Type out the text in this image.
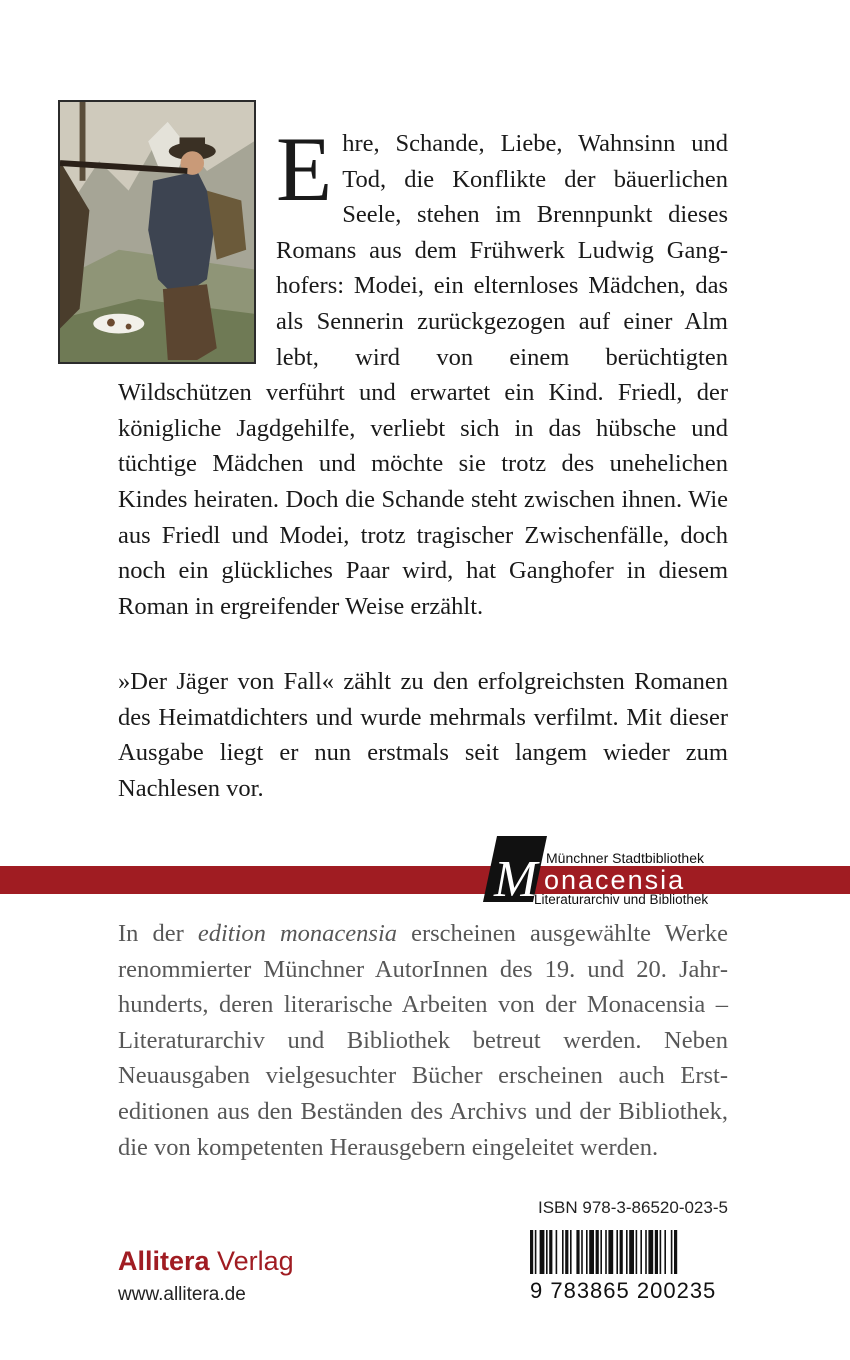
E hre, Schande, Liebe, Wahnsinn und Tod, die Konflikte der bäuerlichen Seele, stehen im Brennpunkt dieses Romans aus dem Frühwerk Ludwig Ganghofers: Modei, ein elternloses Mädchen, das als Sennerin zurückgezogen auf einer Alm lebt, wird von einem berüchtigten Wildschützen verführt und erwartet ein Kind. Friedl, der königliche Jagdgehilfe, verliebt sich in das hübsche und tüchtige Mädchen und möchte sie trotz des unehelichen Kindes heiraten. Doch die Schande steht zwischen ihnen. Wie aus Friedl und Modei, trotz tragischer Zwischenfälle, doch noch ein glückliches Paar wird, hat Ganghofer in diesem Roman in ergreifender Weise erzählt.

»Der Jäger von Fall« zählt zu den erfolgreichsten Romanen des Heimatdichters und wurde mehrmals verfilmt. Mit dieser Ausgabe liegt er nun erstmals seit langem wieder zum Nachlesen vor.

M Münchner Stadtbibliothek
onacensia
Literaturarchiv und Bibliothek

In der edition monacensia erscheinen ausgewählte Werke renommierter Münchner AutorInnen des 19. und 20. Jahrhunderts, deren literarische Arbeiten von der Monacensia – Literaturarchiv und Bibliothek betreut werden. Neben Neuausgaben vielgesuchter Bücher erscheinen auch Ersteditionen aus den Beständen des Archivs und der Bibliothek, die von kompetenten Herausgebern eingeleitet werden.

ISBN 978-3-86520-023-5
9 783865 200235
Allitera Verlag
www.allitera.de
